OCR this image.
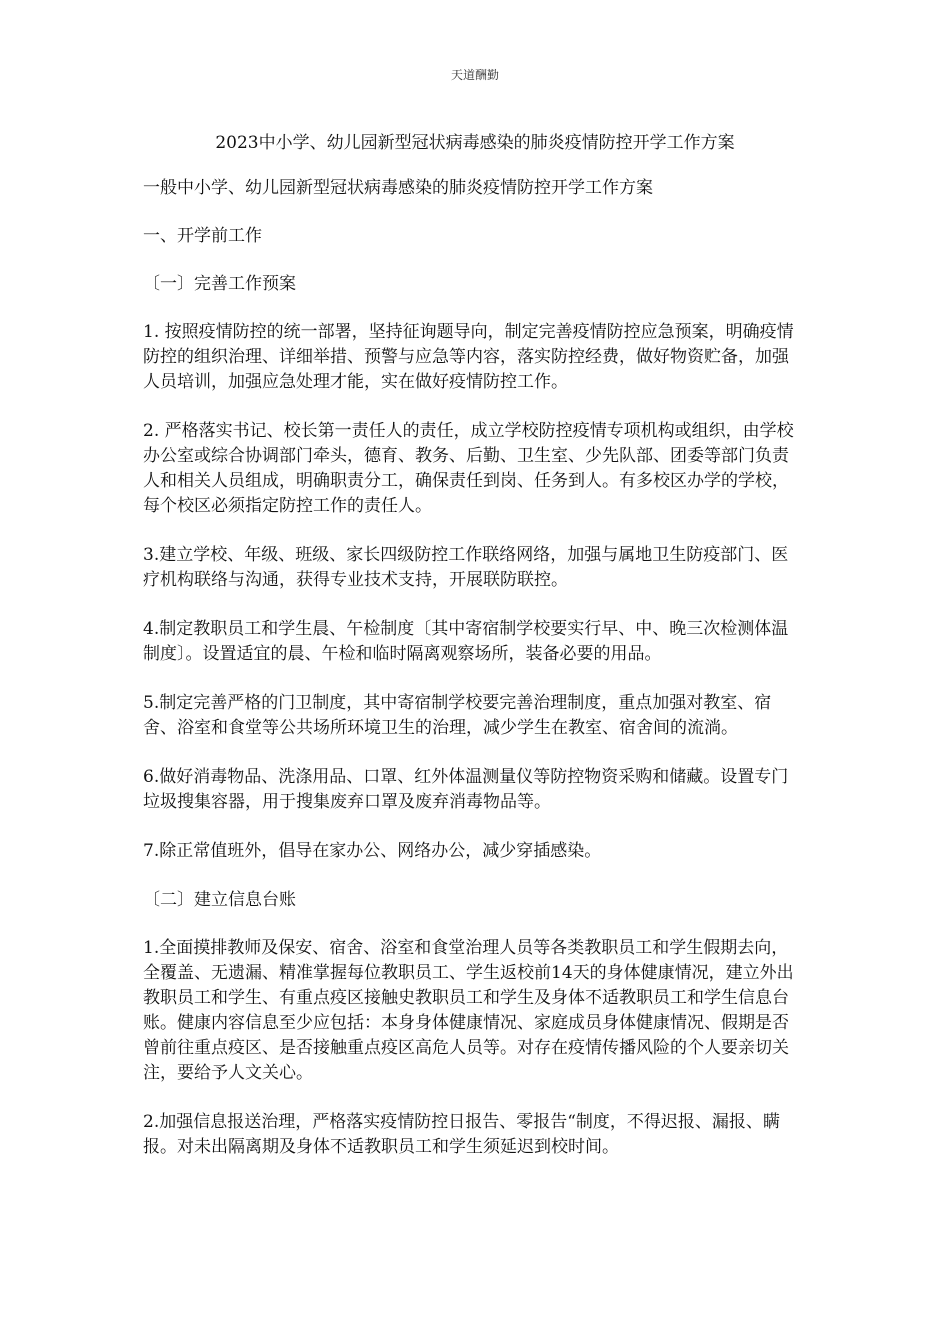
天道酬勤
2023中小学、幼儿园新型冠状病毒感染的肺炎疫情防控开学工作方案

一般中小学、幼儿园新型冠状病毒感染的肺炎疫情防控开学工作方案

一、开学前工作

〔一〕完善工作预案

1. 按照疫情防控的统一部署，坚持征询题导向，制定完善疫情防控应急预案，明确疫情防控的组织治理、详细举措、预警与应急等内容，落实防控经费，做好物资贮备，加强人员培训，加强应急处理才能，实在做好疫情防控工作。

2. 严格落实书记、校长第一责任人的责任，成立学校防控疫情专项机构或组织，由学校办公室或综合协调部门牵头，德育、教务、后勤、卫生室、少先队部、团委等部门负责人和相关人员组成，明确职责分工，确保责任到岗、任务到人。有多校区办学的学校，每个校区必须指定防控工作的责任人。

3.建立学校、年级、班级、家长四级防控工作联络网络，加强与属地卫生防疫部门、医疗机构联络与沟通，获得专业技术支持，开展联防联控。

4.制定教职员工和学生晨、午检制度〔其中寄宿制学校要实行早、中、晚三次检测体温制度〕。设置适宜的晨、午检和临时隔离观察场所，装备必要的用品。

5.制定完善严格的门卫制度，其中寄宿制学校要完善治理制度，重点加强对教室、宿舍、浴室和食堂等公共场所环境卫生的治理，减少学生在教室、宿舍间的流淌。

6.做好消毒物品、洗涤用品、口罩、红外体温测量仪等防控物资采购和储藏。设置专门垃圾搜集容器，用于搜集废弃口罩及废弃消毒物品等。

7.除正常值班外，倡导在家办公、网络办公，减少穿插感染。

〔二〕建立信息台账

1.全面摸排教师及保安、宿舍、浴室和食堂治理人员等各类教职员工和学生假期去向，全覆盖、无遗漏、精准掌握每位教职员工、学生返校前14天的身体健康情况，建立外出教职员工和学生、有重点疫区接触史教职员工和学生及身体不适教职员工和学生信息台账。健康内容信息至少应包括：本身身体健康情况、家庭成员身体健康情况、假期是否曾前往重点疫区、是否接触重点疫区高危人员等。对存在疫情传播风险的个人要亲切关注，要给予人文关心。

2.加强信息报送治理，严格落实疫情防控日报告、零报告“制度，不得迟报、漏报、瞒报。对未出隔离期及身体不适教职员工和学生须延迟到校时间。
